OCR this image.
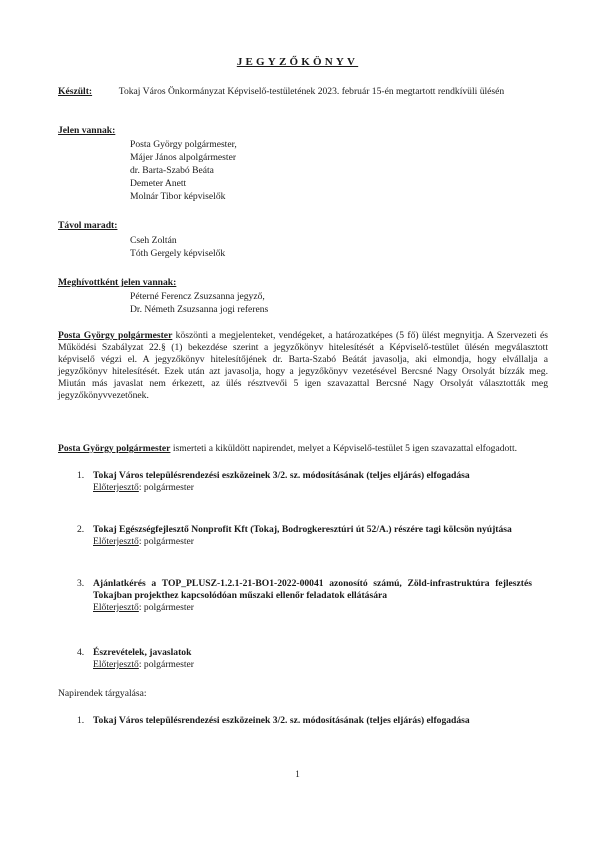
JEGYZŐKÖNYV
Készült:	Tokaj Város Önkormányzat Képviselő-testületének 2023. február 15-én megtartott rendkívüli ülésén
Jelen vannak:
Posta György polgármester,
Májer János alpolgármester
dr. Barta-Szabó Beáta
Demeter Anett
Molnár Tibor képviselők
Távol maradt:
Cseh Zoltán
Tóth Gergely képviselők
Meghívottként jelen vannak:
Péterné Ferencz Zsuzsanna jegyző,
Dr. Németh Zsuzsanna jogi referens
Posta György polgármester köszönti a megjelenteket, vendégeket, a határozatképes (5 fő) ülést megnyitja. A Szervezeti és Működési Szabályzat 22.§ (1) bekezdése szerint a jegyzőkönyv hitelesítését a Képviselő-testület ülésén megválasztott képviselő végzi el. A jegyzőkönyv hitelesítőjének dr. Barta-Szabó Beátát javasolja, aki elmondja, hogy elvállalja a jegyzőkönyv hitelesítését. Ezek után azt javasolja, hogy a jegyzőkönyv vezetésével Bercsné Nagy Orsolyát bízzák meg. Miután más javaslat nem érkezett, az ülés résztvevői 5 igen szavazattal Bercsné Nagy Orsolyát választották meg jegyzőkönyvvezetőnek.
Posta György polgármester ismerteti a kiküldött napirendet, melyet a Képviselő-testület 5 igen szavazattal elfogadott.
1. Tokaj Város településrendezési eszközeinek 3/2. sz. módosításának (teljes eljárás) elfogadása
Előterjesztő: polgármester
2. Tokaj Egészségfejlesztő Nonprofit Kft (Tokaj, Bodrogkeresztúri út 52/A.) részére tagi kölcsön nyújtása
Előterjesztő: polgármester
3. Ajánlatkérés a TOP_PLUSZ-1.2.1-21-BO1-2022-00041 azonosító számú, Zöld-infrastruktúra fejlesztés Tokajban projekthez kapcsolódóan műszaki ellenőr feladatok ellátására
Előterjesztő: polgármester
4. Észrevételek, javaslatok
Előterjesztő: polgármester
Napirendek tárgyalása:
1. Tokaj Város településrendezési eszközeinek 3/2. sz. módosításának (teljes eljárás) elfogadása
1
